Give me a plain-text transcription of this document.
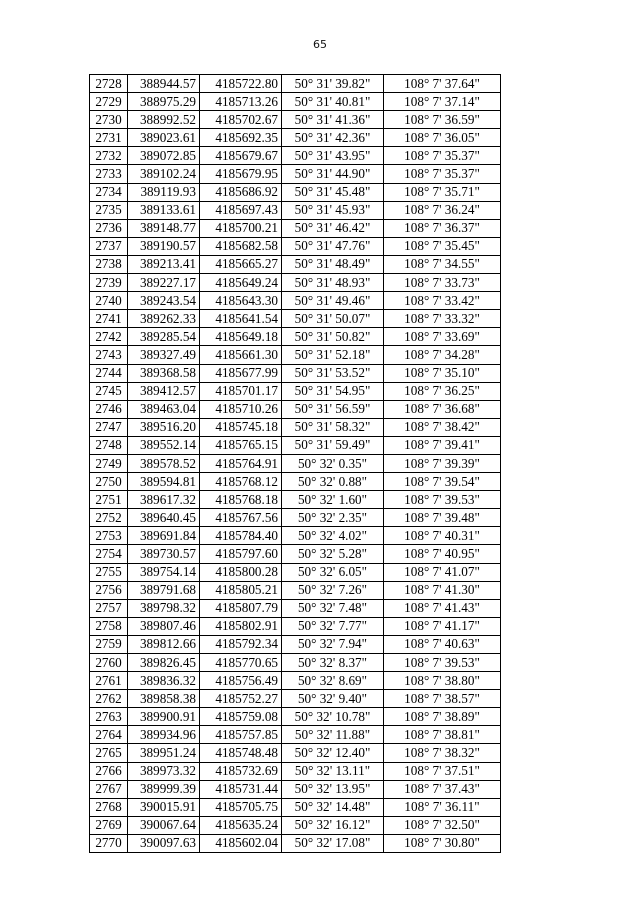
65
2728	388944.57	4185722.80	50° 31' 39.82"	108° 7' 37.64"
2729	388975.29	4185713.26	50° 31' 40.81"	108° 7' 37.14"
2730	388992.52	4185702.67	50° 31' 41.36"	108° 7' 36.59"
2731	389023.61	4185692.35	50° 31' 42.36"	108° 7' 36.05"
2732	389072.85	4185679.67	50° 31' 43.95"	108° 7' 35.37"
2733	389102.24	4185679.95	50° 31' 44.90"	108° 7' 35.37"
2734	389119.93	4185686.92	50° 31' 45.48"	108° 7' 35.71"
2735	389133.61	4185697.43	50° 31' 45.93"	108° 7' 36.24"
2736	389148.77	4185700.21	50° 31' 46.42"	108° 7' 36.37"
2737	389190.57	4185682.58	50° 31' 47.76"	108° 7' 35.45"
2738	389213.41	4185665.27	50° 31' 48.49"	108° 7' 34.55"
2739	389227.17	4185649.24	50° 31' 48.93"	108° 7' 33.73"
2740	389243.54	4185643.30	50° 31' 49.46"	108° 7' 33.42"
2741	389262.33	4185641.54	50° 31' 50.07"	108° 7' 33.32"
2742	389285.54	4185649.18	50° 31' 50.82"	108° 7' 33.69"
2743	389327.49	4185661.30	50° 31' 52.18"	108° 7' 34.28"
2744	389368.58	4185677.99	50° 31' 53.52"	108° 7' 35.10"
2745	389412.57	4185701.17	50° 31' 54.95"	108° 7' 36.25"
2746	389463.04	4185710.26	50° 31' 56.59"	108° 7' 36.68"
2747	389516.20	4185745.18	50° 31' 58.32"	108° 7' 38.42"
2748	389552.14	4185765.15	50° 31' 59.49"	108° 7' 39.41"
2749	389578.52	4185764.91	50° 32' 0.35"	108° 7' 39.39"
2750	389594.81	4185768.12	50° 32' 0.88"	108° 7' 39.54"
2751	389617.32	4185768.18	50° 32' 1.60"	108° 7' 39.53"
2752	389640.45	4185767.56	50° 32' 2.35"	108° 7' 39.48"
2753	389691.84	4185784.40	50° 32' 4.02"	108° 7' 40.31"
2754	389730.57	4185797.60	50° 32' 5.28"	108° 7' 40.95"
2755	389754.14	4185800.28	50° 32' 6.05"	108° 7' 41.07"
2756	389791.68	4185805.21	50° 32' 7.26"	108° 7' 41.30"
2757	389798.32	4185807.79	50° 32' 7.48"	108° 7' 41.43"
2758	389807.46	4185802.91	50° 32' 7.77"	108° 7' 41.17"
2759	389812.66	4185792.34	50° 32' 7.94"	108° 7' 40.63"
2760	389826.45	4185770.65	50° 32' 8.37"	108° 7' 39.53"
2761	389836.32	4185756.49	50° 32' 8.69"	108° 7' 38.80"
2762	389858.38	4185752.27	50° 32' 9.40"	108° 7' 38.57"
2763	389900.91	4185759.08	50° 32' 10.78"	108° 7' 38.89"
2764	389934.96	4185757.85	50° 32' 11.88"	108° 7' 38.81"
2765	389951.24	4185748.48	50° 32' 12.40"	108° 7' 38.32"
2766	389973.32	4185732.69	50° 32' 13.11"	108° 7' 37.51"
2767	389999.39	4185731.44	50° 32' 13.95"	108° 7' 37.43"
2768	390015.91	4185705.75	50° 32' 14.48"	108° 7' 36.11"
2769	390067.64	4185635.24	50° 32' 16.12"	108° 7' 32.50"
2770	390097.63	4185602.04	50° 32' 17.08"	108° 7' 30.80"
